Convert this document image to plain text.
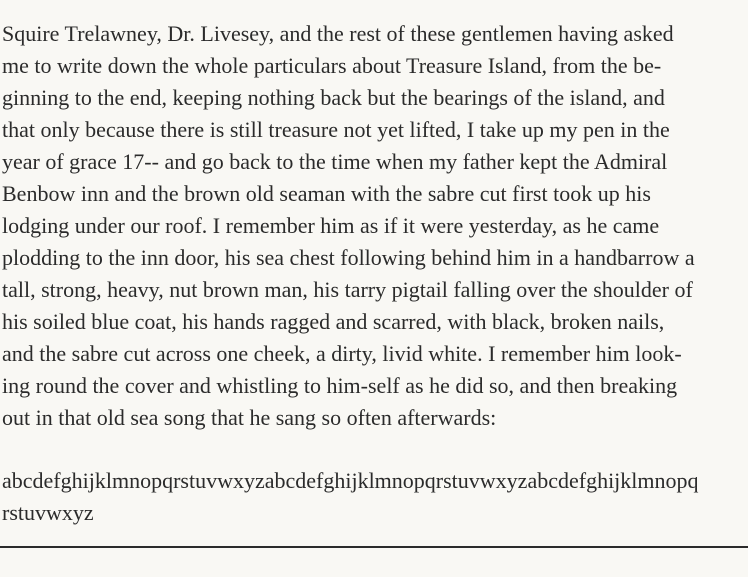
Squire Trelawney, Dr. Livesey, and the rest of these gentlemen having asked
me to write down the whole particulars about Treasure Island, from the be-
ginning to the end, keeping nothing back but the bearings of the island, and
that only because there is still treasure not yet lifted, I take up my pen in the
year of grace 17-- and go back to the time when my father kept the Admiral
Benbow inn and the brown old seaman with the sabre cut first took up his
lodging under our roof. I remember him as if it were yesterday, as he came
plodding to the inn door, his sea chest following behind him in a handbarrow a
tall, strong, heavy, nut brown man, his tarry pigtail falling over the shoulder of
his soiled blue coat, his hands ragged and scarred, with black, broken nails,
and the sabre cut across one cheek, a dirty, livid white. I remember him look-
ing round the cover and whistling to him-self as he did so, and then breaking
out in that old sea song that he sang so often afterwards:

abcdefghijklmnopqrstuvwxyzabcdefghijklmnopqrstuvwxyzabcdefghijklmnopq
rstuvwxyz
